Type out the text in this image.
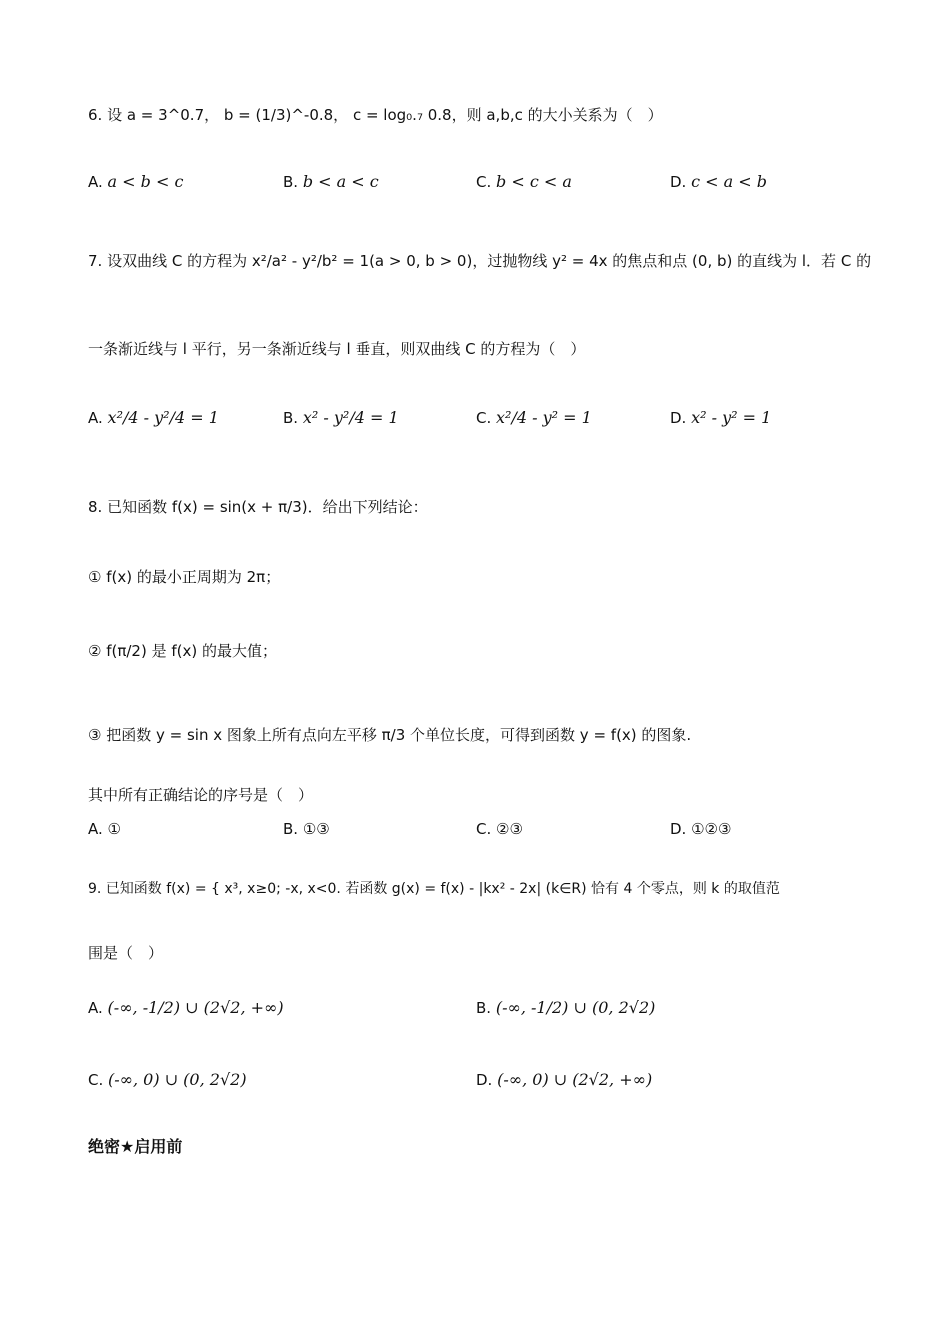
6. 设 a = 3^0.7， b = (1/3)^-0.8， c = log₀.₇ 0.8，则 a,b,c 的大小关系为（　）
A. a < b < c	B. b < a < c	C. b < c < a	D. c < a < b
7. 设双曲线 C 的方程为 x²/a² - y²/b² = 1(a > 0, b > 0)，过抛物线 y² = 4x 的焦点和点 (0, b) 的直线为 l．若 C 的
一条渐近线与 l 平行，另一条渐近线与 l 垂直，则双曲线 C 的方程为（　）
A. x²/4 - y²/4 = 1	B. x² - y²/4 = 1	C. x²/4 - y² = 1	D. x² - y² = 1
8. 已知函数 f(x) = sin(x + π/3)．给出下列结论：
① f(x) 的最小正周期为 2π；
② f(π/2) 是 f(x) 的最大值；
③ 把函数 y = sin x 图象上所有点向左平移 π/3 个单位长度，可得到函数 y = f(x) 的图象.
其中所有正确结论的序号是（　）
A. ①	B. ①③	C. ②③	D. ①②③
9. 已知函数 f(x) = { x³, x≥0; -x, x<0. 若函数 g(x) = f(x) - |kx² - 2x| (k∈R) 恰有 4 个零点，则 k 的取值范
围是（　）
A. (-∞, -1/2) ∪ (2√2, +∞)	B. (-∞, -1/2) ∪ (0, 2√2)
C. (-∞, 0) ∪ (0, 2√2)	D. (-∞, 0) ∪ (2√2, +∞)
绝密★启用前
